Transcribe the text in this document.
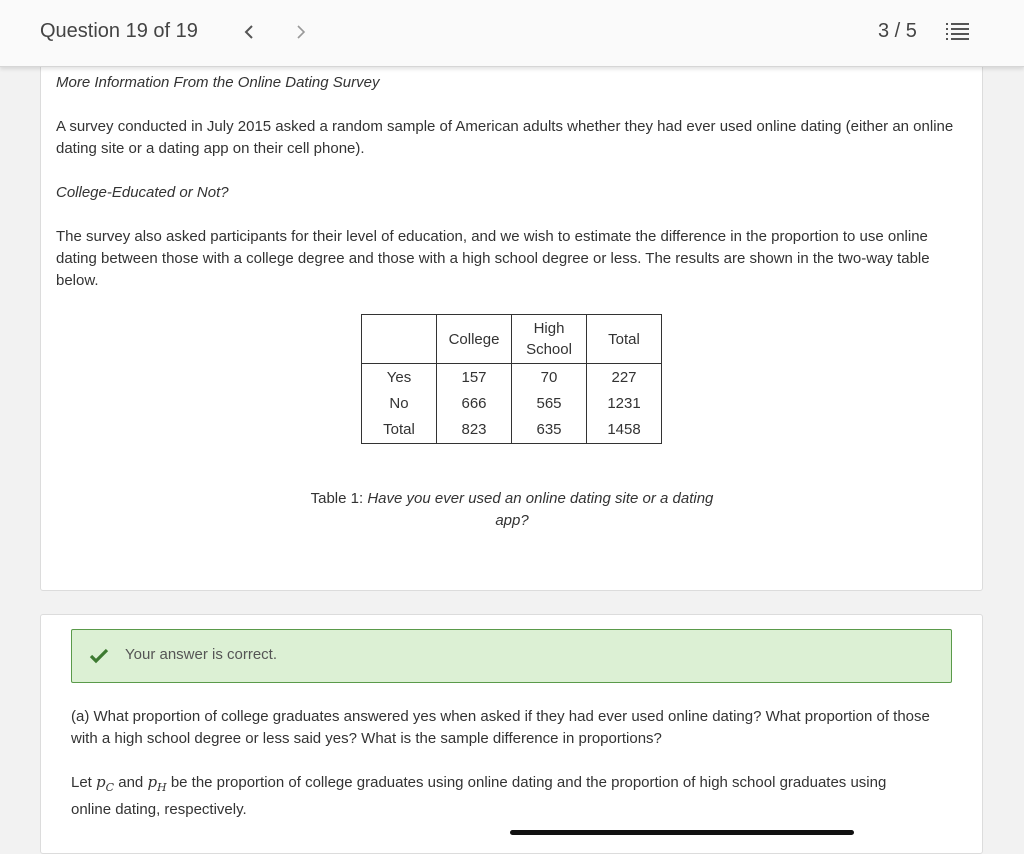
Question 19 of 19	3 / 5
More Information From the Online Dating Survey
A survey conducted in July 2015 asked a random sample of American adults whether they had ever used online dating (either an online dating site or a dating app on their cell phone).
College-Educated or Not?
The survey also asked participants for their level of education, and we wish to estimate the difference in the proportion to use online dating between those with a college degree and those with a high school degree or less. The results are shown in the two-way table below.
	College	High School	Total
Yes	157	70	227
No	666	565	1231
Total	823	635	1458
Table 1: Have you ever used an online dating site or a dating app?
Your answer is correct.
(a) What proportion of college graduates answered yes when asked if they had ever used online dating? What proportion of those with a high school degree or less said yes? What is the sample difference in proportions?
Let $p_C$ and $p_H$ be the proportion of college graduates using online dating and the proportion of high school graduates using
online dating, respectively.
